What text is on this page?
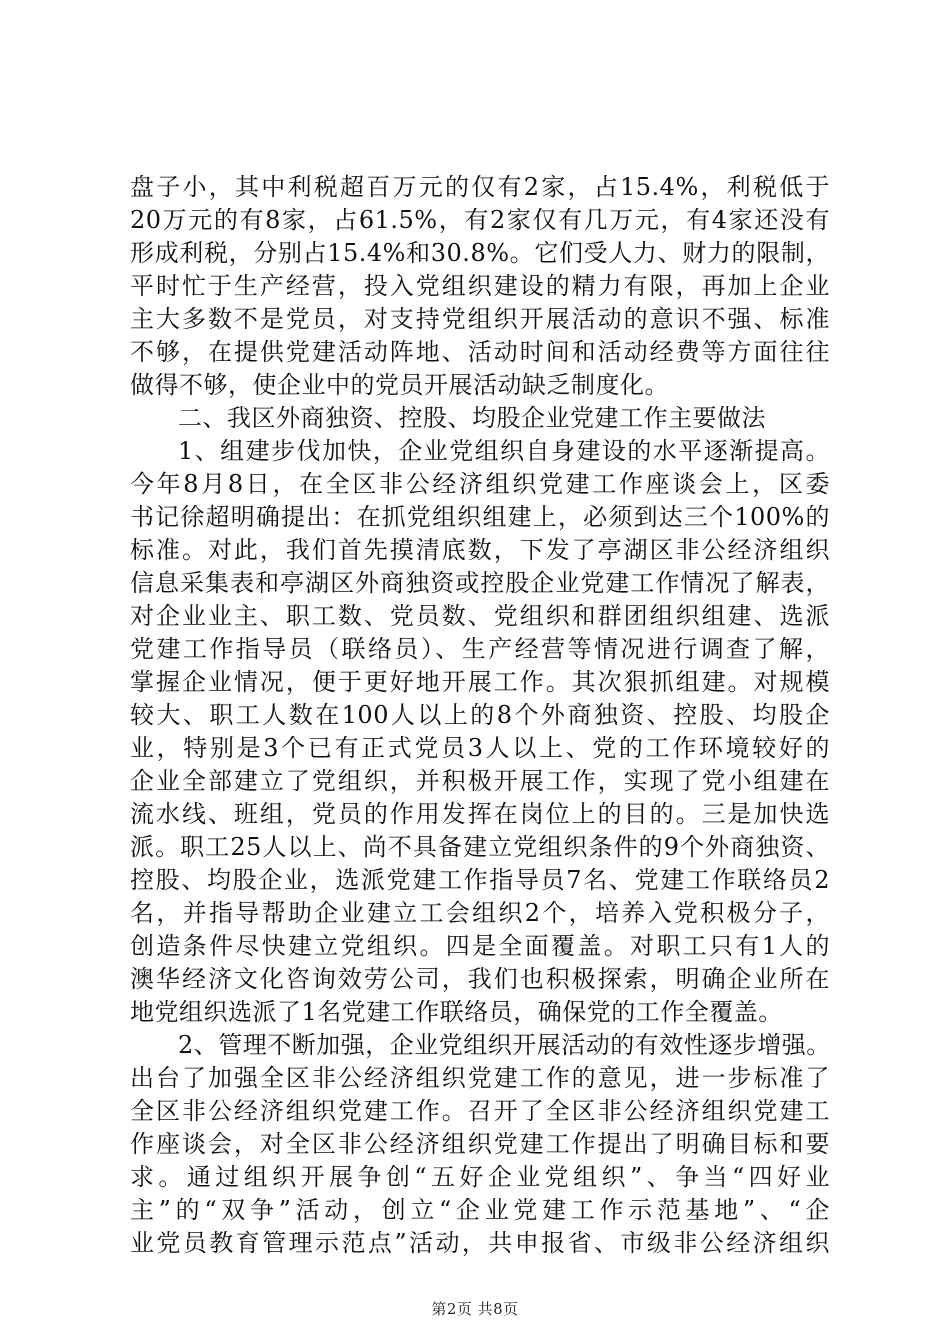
盘子小，其中利税超百万元的仅有2家，占15.4%，利税低于
20万元的有8家，占61.5%，有2家仅有几万元，有4家还没有
形成利税，分别占15.4%和30.8%。它们受人力、财力的限制，
平时忙于生产经营，投入党组织建设的精力有限，再加上企业
主大多数不是党员，对支持党组织开展活动的意识不强、标准
不够，在提供党建活动阵地、活动时间和活动经费等方面往往
做得不够，使企业中的党员开展活动缺乏制度化。
二、我区外商独资、控股、均股企业党建工作主要做法
1、组建步伐加快，企业党组织自身建设的水平逐渐提高。
今年8月8日，在全区非公经济组织党建工作座谈会上，区委
书记徐超明确提出：在抓党组织组建上，必须到达三个100%的
标准。对此，我们首先摸清底数，下发了亭湖区非公经济组织
信息采集表和亭湖区外商独资或控股企业党建工作情况了解表，
对企业业主、职工数、党员数、党组织和群团组织组建、选派
党建工作指导员（联络员）、生产经营等情况进行调查了解，
掌握企业情况，便于更好地开展工作。其次狠抓组建。对规模
较大、职工人数在100人以上的8个外商独资、控股、均股企
业，特别是3个已有正式党员3人以上、党的工作环境较好的
企业全部建立了党组织，并积极开展工作，实现了党小组建在
流水线、班组，党员的作用发挥在岗位上的目的。三是加快选
派。职工25人以上、尚不具备建立党组织条件的9个外商独资、
控股、均股企业，选派党建工作指导员7名、党建工作联络员2
名，并指导帮助企业建立工会组织2个，培养入党积极分子，
创造条件尽快建立党组织。四是全面覆盖。对职工只有1人的
澳华经济文化咨询效劳公司，我们也积极探索，明确企业所在
地党组织选派了1名党建工作联络员，确保党的工作全覆盖。
2、管理不断加强，企业党组织开展活动的有效性逐步增强。
出台了加强全区非公经济组织党建工作的意见，进一步标准了
全区非公经济组织党建工作。召开了全区非公经济组织党建工
作座谈会，对全区非公经济组织党建工作提出了明确目标和要
求。通过组织开展争创“五好企业党组织”、争当“四好业
主”的“双争”活动，创立“企业党建工作示范基地”、“企
业党员教育管理示范点”活动，共申报省、市级非公经济组织
第2页 共8页
